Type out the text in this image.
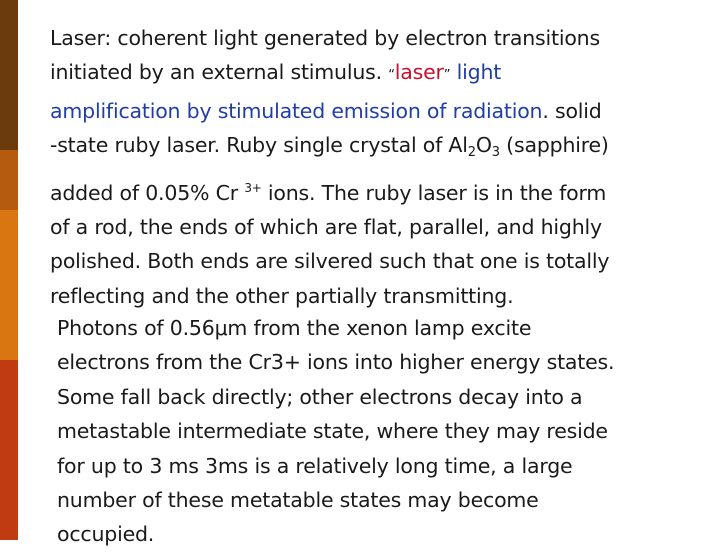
Laser: coherent light generated by electron transitions
initiated by an external stimulus. “laser” light
amplification by stimulated emission of radiation. solid
-state ruby laser. Ruby single crystal of $Al_2O_3$ (sapphire)
added of 0.05% Cr $^{3+}$ ions. The ruby laser is in the form
of a rod, the ends of which are flat, parallel, and highly
polished. Both ends are silvered such that one is totally
reflecting and the other partially transmitting.
Photons of 0.56μm from the xenon lamp excite
electrons from the Cr3+ ions into higher energy states.
Some fall back directly; other electrons decay into a
metastable intermediate state, where they may reside
for up to 3 ms 3ms is a relatively long time, a large
number of these metatable states may become
occupied.
